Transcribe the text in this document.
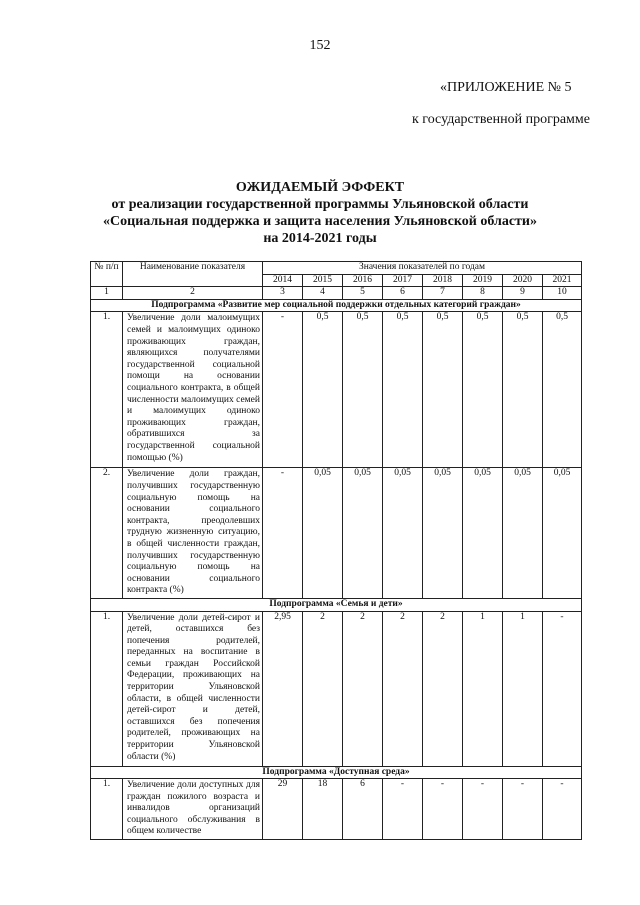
152
«ПРИЛОЖЕНИЕ № 5
к государственной программе
ОЖИДАЕМЫЙ ЭФФЕКТ
от реализации государственной программы Ульяновской области
«Социальная поддержка и защита населения Ульяновской области»
на 2014-2021 годы
№ п/п	Наименование показателя	Значения показателей по годам							
		2014	2015	2016	2017	2018	2019	2020	2021
1	2	3	4	5	6	7	8	9	10
Подпрограмма «Развитие мер социальной поддержки отдельных категорий граждан»									
1.	Увеличение доли малоимущих семей и малоимущих одиноко проживающих граждан, являющихся получателями государственной социальной помощи на основании социального контракта, в общей численности малоимущих семей и малоимущих одиноко проживающих граждан, обратившихся за государственной социальной помощью (%)	-	0,5	0,5	0,5	0,5	0,5	0,5	0,5
2.	Увеличение доли граждан, получивших государственную социальную помощь на основании социального контракта, преодолевших трудную жизненную ситуацию, в общей численности граждан, получивших государственную социальную помощь на основании социального контракта (%)	-	0,05	0,05	0,05	0,05	0,05	0,05	0,05
Подпрограмма «Семья и дети»									
1.	Увеличение доли детей-сирот и детей, оставшихся без попечения родителей, переданных на воспитание в семьи граждан Российской Федерации, проживающих на территории Ульяновской области, в общей численности детей-сирот и детей, оставшихся без попечения родителей, проживающих на территории Ульяновской области (%)	2,95	2	2	2	2	1	1	-
Подпрограмма «Доступная среда»									
1.	Увеличение доли доступных для граждан пожилого возраста и инвалидов организаций социального обслуживания в общем количестве	29	18	6	-	-	-	-	-
